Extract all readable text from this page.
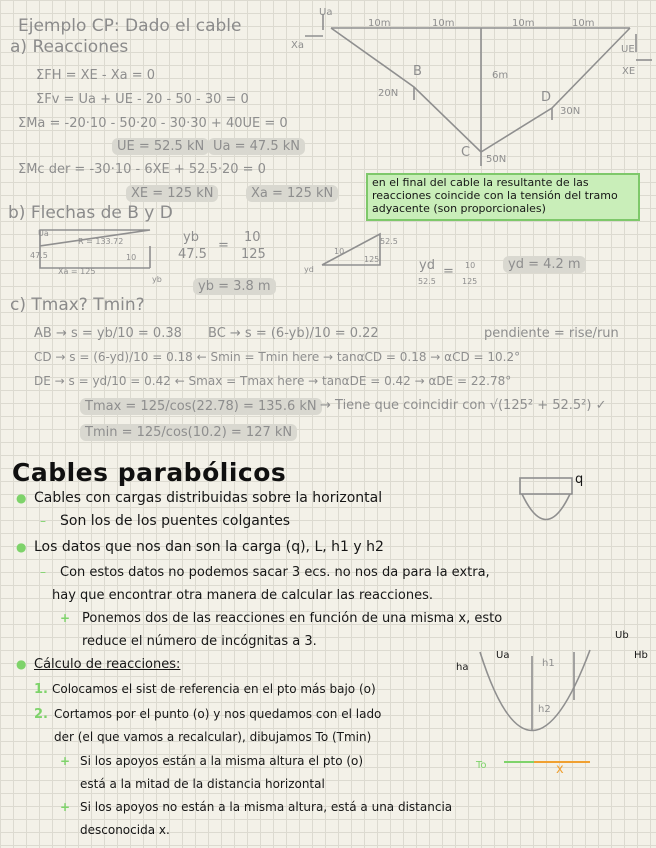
Ejemplo CP: Dado el cable
a) Reacciones
ΣFH = XE - Xa = 0
ΣFv = Ua + UE - 20 - 50 - 30 = 0
ΣMa = -20·10 - 50·20 - 30·30 + 40UE = 0
UE = 52.5 kN Ua = 47.5 kN
ΣMc der = -30·10 - 6XE + 52.5·20 = 0
XE = 125 kN	Xa = 125 kN
b) Flechas de B y D
yb
47.5
=
10
125
yb = 3.8 m
yd
52.5
= 10
125
yd = 4.2 m
c) Tmax? Tmin?
AB → s = yb/10 = 0.38 BC → s = (6-yb)/10 = 0.22	pendiente = rise/run
CD → s = (6-yd)/10 = 0.18 ← Smin = Tmin here → tanαCD = 0.18 → αCD = 10.2°
DE → s = yd/10 = 0.42 ← Smax = Tmax here → tanαDE = 0.42 → αDE = 22.78°
Tmax = 125/cos(22.78) = 135.6 kN → Tiene que coincidir con √(125² + 52.5²) ✓
Tmin = 125/cos(10.2) = 127 kN
en el final del cable la resultante de las reacciones coincide con la tensión del tramo adyacente (son proporcionales)
10m	10m	10m	10m
6m
B
C
D
20N
50N
30N
Ua
Xa	UE
XE
Ua
47.5
R = 133.72
Xa = 125
10
yb
52.5
10
125
yd
Cables parabólicos
● Cables con cargas distribuidas sobre la horizontal
– Son los de los puentes colgantes
● Los datos que nos dan son la carga (q), L, h1 y h2
– Con estos datos no podemos sacar 3 ecs. no nos da para la extra,
hay que encontrar otra manera de calcular las reacciones.
+ Ponemos dos de las reacciones en función de una misma x, esto
reduce el número de incógnitas a 3.
● Cálculo de reacciones:
1. Colocamos el sist de referencia en el pto más bajo (o)
2. Cortamos por el punto (o) y nos quedamos con el lado
der (el que vamos a recalcular), dibujamos To (Tmin)
+ Si los apoyos están a la misma altura el pto (o)
está a la mitad de la distancia horizontal
+ Si los apoyos no están a la misma altura, está a una distancia
desconocida x.
q
ha
Ua
Ub
Hb
h1
h2
To	x
